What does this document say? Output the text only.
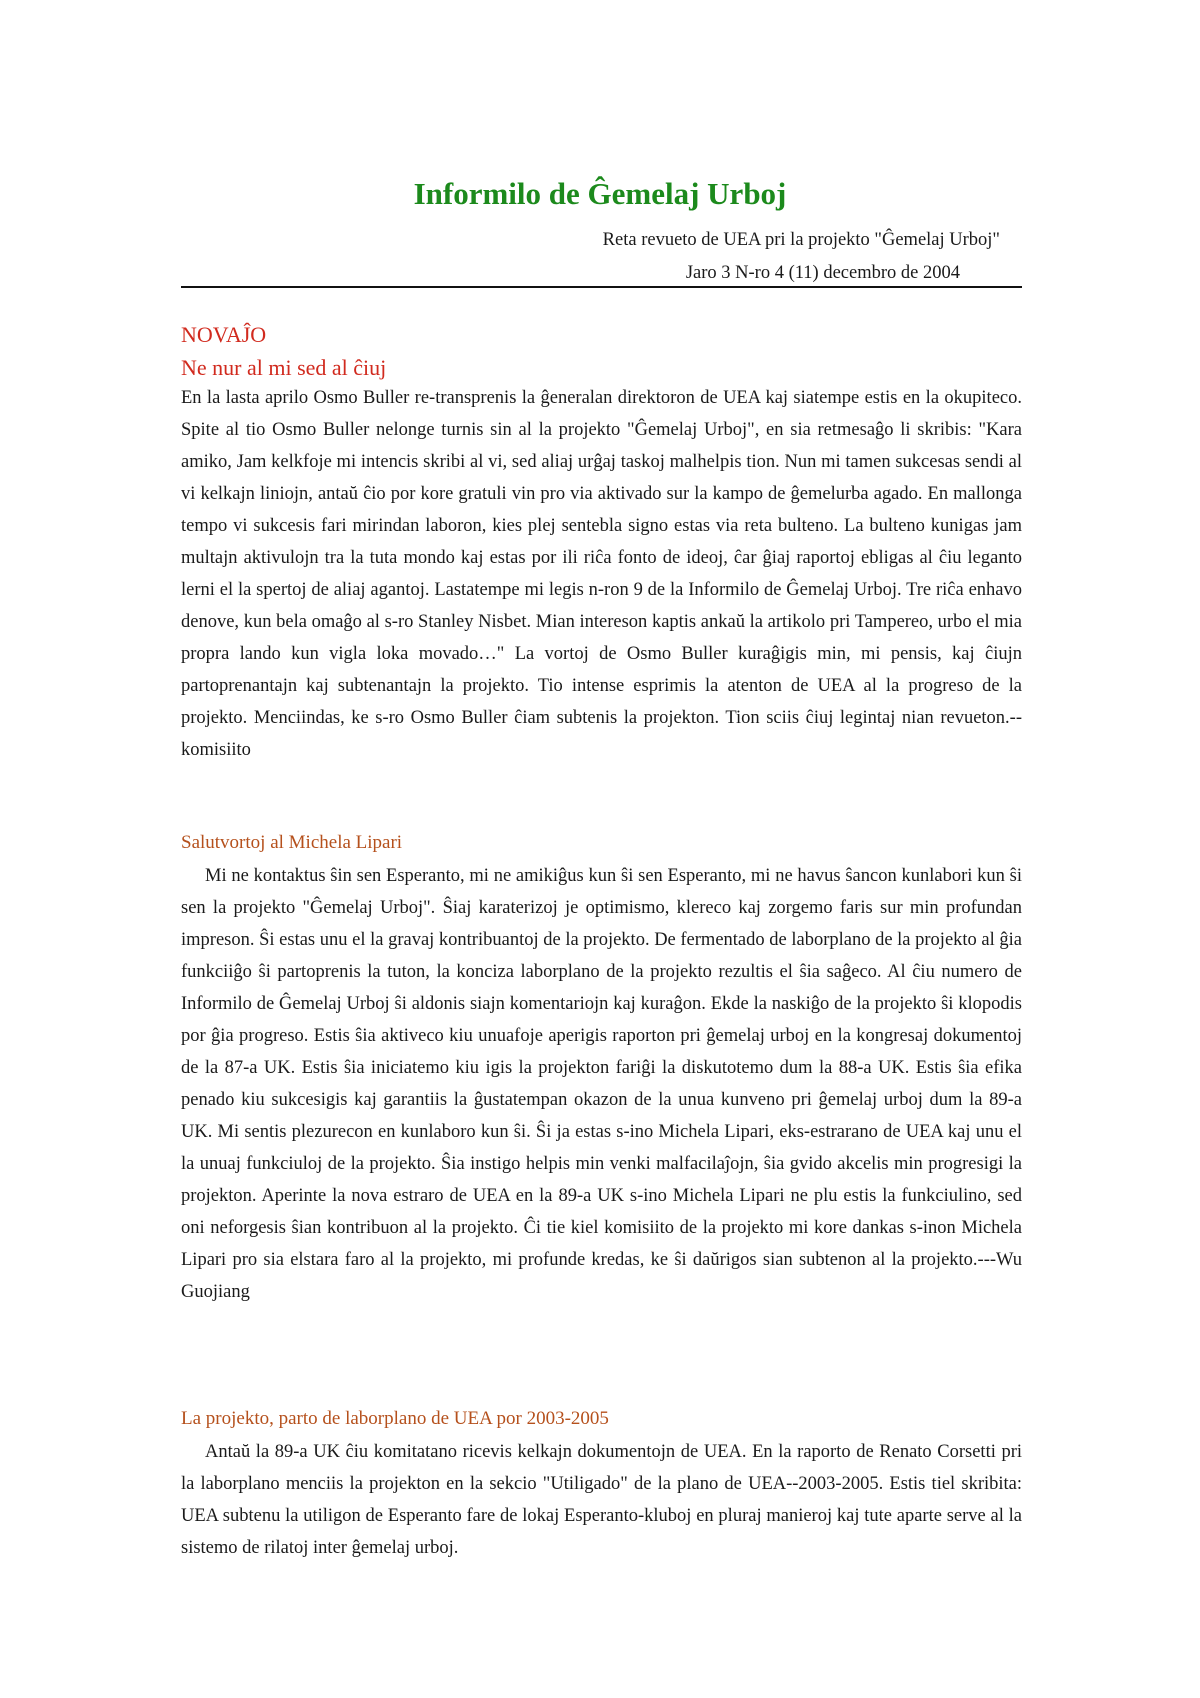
Informilo de Ĝemelaj Urboj
Reta revueto de UEA pri la projekto "Ĝemelaj Urboj"
Jaro 3 N-ro 4 (11) decembro de 2004
NOVAĴO
Ne nur al mi sed al ĉiuj

En la lasta aprilo Osmo Buller re-transprenis la ĝeneralan direktoron de UEA kaj siatempe estis en la okupiteco. Spite al tio Osmo Buller nelonge turnis sin al la projekto "Ĝemelaj Urboj", en sia retmesaĝo li skribis: "Kara amiko, Jam kelkfoje mi intencis skribi al vi, sed aliaj urĝaj taskoj malhelpis tion. Nun mi tamen sukcesas sendi al vi kelkajn liniojn, antaŭ ĉio por kore gratuli vin pro via aktivado sur la kampo de ĝemelurba agado. En mallonga tempo vi sukcesis fari mirindan laboron, kies plej sentebla signo estas via reta bulteno. La bulteno kunigas jam multajn aktivulojn tra la tuta mondo kaj estas por ili riĉa fonto de ideoj, ĉar ĝiaj raportoj ebligas al ĉiu leganto lerni el la spertoj de aliaj agantoj. Lastatempe mi legis n-ron 9 de la Informilo de Ĝemelaj Urboj. Tre riĉa enhavo denove, kun bela omaĝo al s-ro Stanley Nisbet. Mian intereson kaptis ankaŭ la artikolo pri Tampereo, urbo el mia propra lando kun vigla loka movado…" La vortoj de Osmo Buller kuraĝigis min, mi pensis, kaj ĉiujn partoprenantajn kaj subtenantajn la projekto. Tio intense esprimis la atenton de UEA al la progreso de la projekto. Menciindas, ke s-ro Osmo Buller ĉiam subtenis la projekton. Tion sciis ĉiuj legintaj nian revueton.--komisiito

Salutvortoj al Michela Lipari

Mi ne kontaktus ŝin sen Esperanto, mi ne amikiĝus kun ŝi sen Esperanto, mi ne havus ŝancon kunlabori kun ŝi sen la projekto "Ĝemelaj Urboj". Ŝiaj karaterizoj je optimismo, klereco kaj zorgemo faris sur min profundan impreson. Ŝi estas unu el la gravaj kontribuantoj de la projekto. De fermentado de laborplano de la projekto al ĝia funkciiĝo ŝi partoprenis la tuton, la konciza laborplano de la projekto rezultis el ŝia saĝeco. Al ĉiu numero de Informilo de Ĝemelaj Urboj ŝi aldonis siajn komentariojn kaj kuraĝon. Ekde la naskiĝo de la projekto ŝi klopodis por ĝia progreso. Estis ŝia aktiveco kiu unuafoje aperigis raporton pri ĝemelaj urboj en la kongresaj dokumentoj de la 87-a UK. Estis ŝia iniciatemo kiu igis la projekton fariĝi la diskutotemo dum la 88-a UK. Estis ŝia efika penado kiu sukcesigis kaj garantiis la ĝustatempan okazon de la unua kunveno pri ĝemelaj urboj dum la 89-a UK. Mi sentis plezurecon en kunlaboro kun ŝi. Ŝi ja estas s-ino Michela Lipari, eks-estrarano de UEA kaj unu el la unuaj funkciuloj de la projekto. Ŝia instigo helpis min venki malfacilaĵojn, ŝia gvido akcelis min progresigi la projekton. Aperinte la nova estraro de UEA en la 89-a UK s-ino Michela Lipari ne plu estis la funkciulino, sed oni neforgesis ŝian kontribuon al la projekto. Ĉi tie kiel komisiito de la projekto mi kore dankas s-inon Michela Lipari pro sia elstara faro al la projekto, mi profunde kredas, ke ŝi daŭrigos sian subtenon al la projekto.---Wu Guojiang

La projekto, parto de laborplano de UEA por 2003-2005

Antaŭ la 89-a UK ĉiu komitatano ricevis kelkajn dokumentojn de UEA. En la raporto de Renato Corsetti pri la laborplano menciis la projekton en la sekcio "Utiligado" de la plano de UEA--2003-2005. Estis tiel skribita: UEA subtenu la utiligon de Esperanto fare de lokaj Esperanto-kluboj en pluraj manieroj kaj tute aparte serve al la sistemo de rilatoj inter ĝemelaj urboj.
